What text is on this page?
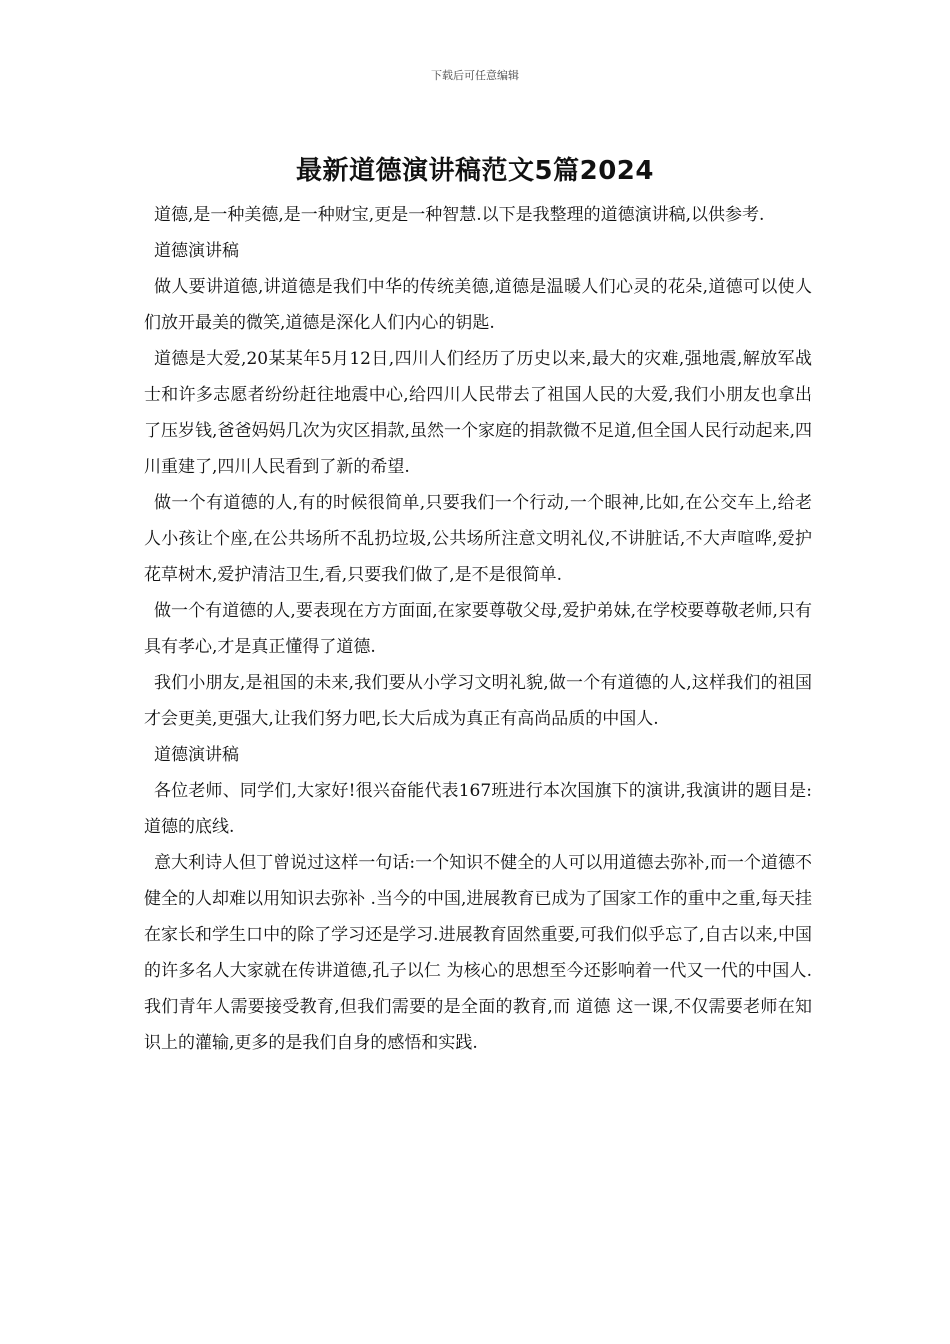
下载后可任意编辑
最新道德演讲稿范文5篇2024

道德,是一种美德,是一种财宝,更是一种智慧.以下是我整理的道德演讲稿,以供参考.

道德演讲稿

做人要讲道德,讲道德是我们中华的传统美德,道德是温暖人们心灵的花朵,道德可以使人们放开最美的微笑,道德是深化人们内心的钥匙.

道德是大爱,20某某年5月12日,四川人们经历了历史以来,最大的灾难,强地震,解放军战士和许多志愿者纷纷赶往地震中心,给四川人民带去了祖国人民的大爱,我们小朋友也拿出了压岁钱,爸爸妈妈几次为灾区捐款,虽然一个家庭的捐款微不足道,但全国人民行动起来,四川重建了,四川人民看到了新的希望.

做一个有道德的人,有的时候很简单,只要我们一个行动,一个眼神,比如,在公交车上,给老人小孩让个座,在公共场所不乱扔垃圾,公共场所注意文明礼仪,不讲脏话,不大声喧哗,爱护花草树木,爱护清洁卫生,看,只要我们做了,是不是很简单.

做一个有道德的人,要表现在方方面面,在家要尊敬父母,爱护弟妹,在学校要尊敬老师,只有具有孝心,才是真正懂得了道德.

我们小朋友,是祖国的未来,我们要从小学习文明礼貌,做一个有道德的人,这样我们的祖国才会更美,更强大,让我们努力吧,长大后成为真正有高尚品质的中国人.

道德演讲稿

各位老师、同学们,大家好!很兴奋能代表167班进行本次国旗下的演讲,我演讲的题目是:道德的底线.

意大利诗人但丁曾说过这样一句话:一个知识不健全的人可以用道德去弥补,而一个道德不健全的人却难以用知识去弥补 .当今的中国,进展教育已成为了国家工作的重中之重,每天挂在家长和学生口中的除了学习还是学习.进展教育固然重要,可我们似乎忘了,自古以来,中国的许多名人大家就在传讲道德,孔子以仁 为核心的思想至今还影响着一代又一代的中国人.我们青年人需要接受教育,但我们需要的是全面的教育,而 道德 这一课,不仅需要老师在知识上的灌输,更多的是我们自身的感悟和实践.
